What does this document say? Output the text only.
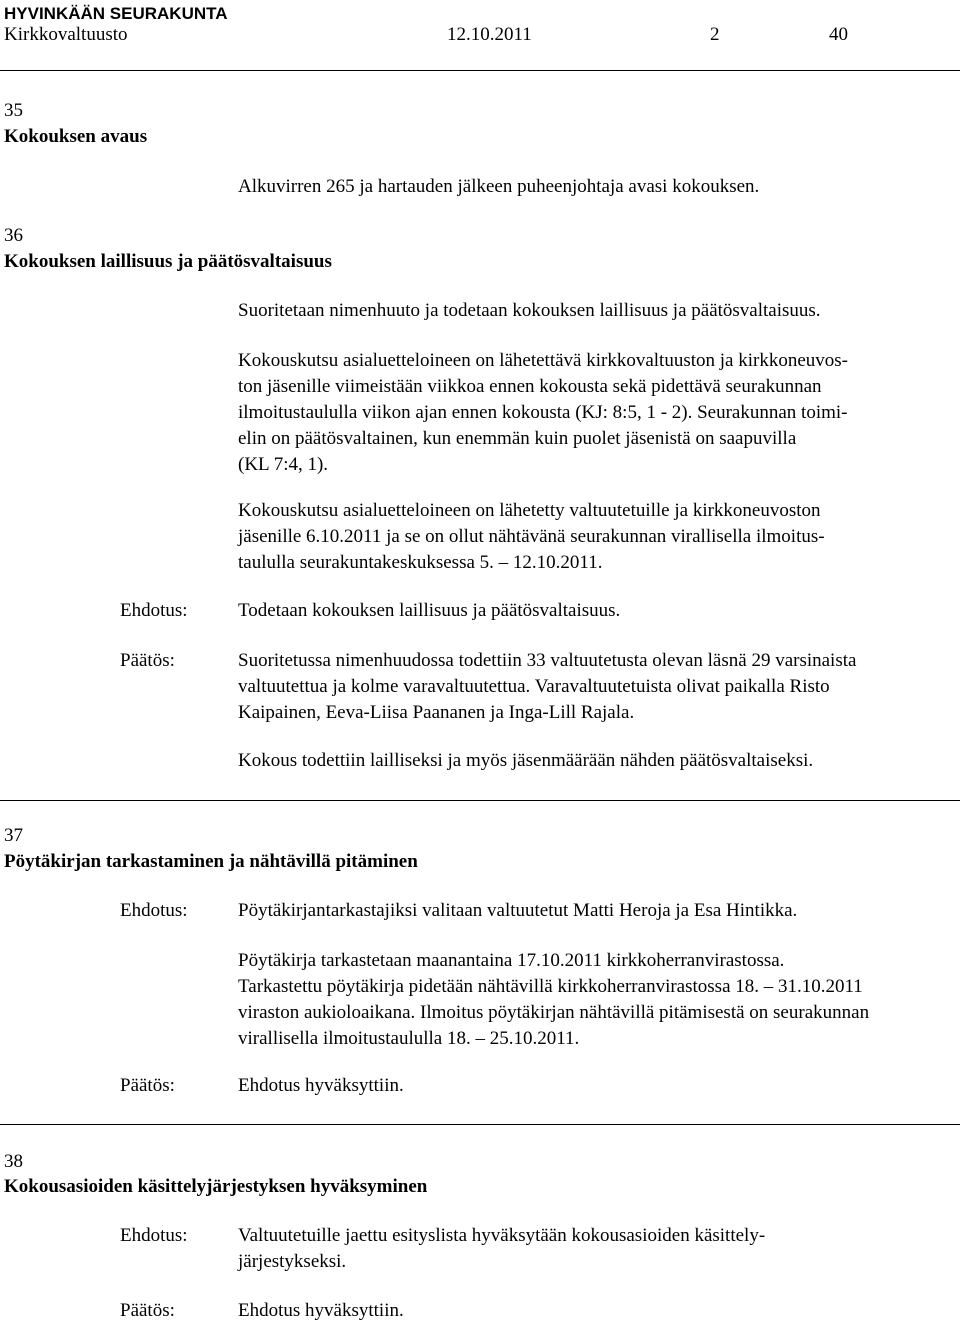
HYVINKÄÄN SEURAKUNTA
Kirkkovaltuusto	12.10.2011	2	40
35
Kokouksen avaus
Alkuvirren 265 ja hartauden jälkeen puheenjohtaja avasi kokouksen.
36
Kokouksen laillisuus ja päätösvaltaisuus
Suoritetaan nimenhuuto ja todetaan kokouksen laillisuus ja päätösvaltaisuus.
Kokouskutsu asialuetteloineen on lähetettävä kirkkovaltuuston ja kirkkoneuvos-
ton jäsenille viimeistään viikkoa ennen kokousta sekä pidettävä seurakunnan
ilmoitustaululla viikon ajan ennen kokousta (KJ: 8:5, 1 - 2). Seurakunnan toimi-
elin on päätösvaltainen, kun enemmän kuin puolet jäsenistä on saapuvilla
(KL 7:4, 1).
Kokouskutsu asialuetteloineen on lähetetty valtuutetuille ja kirkkoneuvoston
jäsenille 6.10.2011 ja se on ollut nähtävänä seurakunnan virallisella ilmoitus-
taululla seurakuntakeskuksessa 5. – 12.10.2011.
Ehdotus:	Todetaan kokouksen laillisuus ja päätösvaltaisuus.
Päätös:	Suoritetussa nimenhuudossa todettiin 33 valtuutetusta olevan läsnä 29 varsinaista
valtuutettua ja kolme varavaltuutettua. Varavaltuutetuista olivat paikalla Risto
Kaipainen, Eeva-Liisa Paananen ja Inga-Lill Rajala.
Kokous todettiin lailliseksi ja myös jäsenmäärään nähden päätösvaltaiseksi.
37
Pöytäkirjan tarkastaminen ja nähtävillä pitäminen
Ehdotus:	Pöytäkirjantarkastajiksi valitaan valtuutetut Matti Heroja ja Esa Hintikka.
Pöytäkirja tarkastetaan maanantaina 17.10.2011 kirkkoherranvirastossa.
Tarkastettu pöytäkirja pidetään nähtävillä kirkkoherranvirastossa 18. – 31.10.2011
viraston aukioloaikana. Ilmoitus pöytäkirjan nähtävillä pitämisestä on seurakunnan
virallisella ilmoitustaululla 18. – 25.10.2011.
Päätös:	Ehdotus hyväksyttiin.
38
Kokousasioiden käsittelyjärjestyksen hyväksyminen
Ehdotus:	Valtuutetuille jaettu esityslista hyväksytään kokousasioiden käsittely-
järjestykseksi.
Päätös:	Ehdotus hyväksyttiin.
